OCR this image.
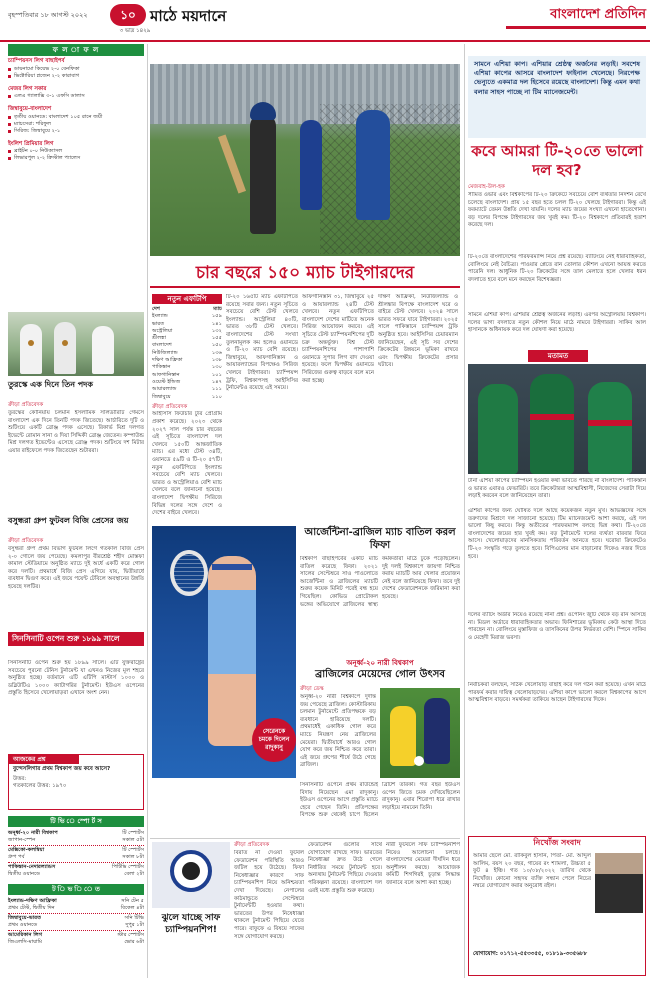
বৃহস্পতিবার ১৮ আগস্ট ২০২২	১০ মাঠে ময়দানে
৩ ভাদ্র ১৪২৯
বাংলাদেশ প্রতিদিন
ফ ল া ফ ল
চ্যাম্পিয়নস লিগ বাছাইপর্ব
ডায়নামো কিয়েভ ২-০ বেনফিকা
ভিক্টোরিয়া প্লজেন ২-২ কারাবাগ
মেজর লিগ সকার
এলএ গ্যালাক্সি ৩-১ এফসি ডালাস
জিম্বাবুয়ে-বাংলাদেশ
তৃতীয় ওয়ানডে: বাংলাদেশ ১০৫ রানে জয়ী
ম্যাচসেরা: শরিফুল
সিরিজ: জিম্বাবুয়ে ২-১
ইংলিশ প্রিমিয়ার লিগ
ব্রাইটন ০-০ নিউক্যাসল
লিভারপুল ২-২ ক্রিস্টাল প্যালেস
তুরস্কে এক দিনে তিন পদক
ক্রীড়া প্রতিবেদক
তুরস্কের কোনিয়ায় চলমান ইসলামিক সলিডারিটি গেমসে বাংলাদেশ এক দিনে তিনটি পদক জিতেছে। আর্চারিতে দুটি ও শুটিংয়ে একটি ব্রোঞ্জ পদক এসেছে। রিকার্ভ মিশ্র দলগত ইভেন্টে রোমান সানা ও দিয়া সিদ্দিকী ব্রোঞ্জ জেতেন। কম্পাউন্ড মিশ্র দলগত ইভেন্টেও এসেছে ব্রোঞ্জ পদক। শুটিংয়ে দশ মিটার এয়ার রাইফেলে পদক জিতেছেন শুটাররা।
বসুন্ধরা গ্রুপ ফুটবল বিজি প্রেসের জয়
ক্রীড়া প্রতিবেদক
বসুন্ধরা গ্রুপ প্রথম বিভাগ ফুটবল লিগে গতকাল বিজি প্রেস ২-০ গোলে জয় পেয়েছে। কমলাপুর বীরশ্রেষ্ঠ শহীদ মোস্তফা কামাল স্টেডিয়ামে অনুষ্ঠিত ম্যাচে দুই অর্ধে একটি করে গোল করে দলটি। প্রথমার্ধে বিজি প্রেস এগিয়ে যায়, দ্বিতীয়ার্ধে ব্যবধান দ্বিগুণ করে। এই জয়ে পয়েন্ট টেবিলে অবস্থানের উন্নতি হয়েছে দলটির।
সিনসিনাটি ওপেন শুরু ১৮৯৯ সালে
সিনসিনাটি ওপেন শুরু হয় ১৮৯৯ সালে। এটি যুক্তরাষ্ট্রের সবচেয়ে পুরনো টেনিস টুর্নামেন্ট যা এখনও নিজের মূল শহরে অনুষ্ঠিত হচ্ছে। বর্তমানে এটি এটিপি মাস্টার্স ১০০০ ও ডব্লিউটিএ ১০০০ ক্যাটাগরির টুর্নামেন্ট। ইউএস ওপেনের প্রস্তুতি হিসেবে খেলোয়াড়রা এখানে অংশ নেন।
আজকের প্রশ্ন
বুন্দেসলিগার প্রথম বিশ্বকাপ জয় কবে আসে?
উত্তর:
গতকালের উত্তর: ১৯৭০
টি ভি ে স্পো র্ট স
অনূর্ধ্ব-২০ নারী বিশ্বকাপ
জাপান-স্পেন
টি স্পোর্টস
সকাল ৫টা
মেক্সিকো-কলম্বিয়া
গ্রুপ পর্ব
টি স্পোর্টস
সকাল ৮টা
পাকিস্তান-নেদারল্যান্ডস
দ্বিতীয় ওয়ানডে
পিটিভি স্পোর্টস
বেলা ২টা
ট ি ভ ি ে ত
ইংল্যান্ড-দক্ষিণ আফ্রিকা
প্রথম টেস্ট, দ্বিতীয় দিন
সনি টেন ৫
বিকেল ৪টা
জিম্বাবুয়ে-ভারত
প্রথম ওয়ানডে
সনি টিভি
দুপুর ১টা
আমেরিকান লিগ
জিএলসি-মায়ামি
স্টার স্পোর্টস
ভোর ৬টা
চার বছরে ১৫০ ম্যাচ টাইগারদের
নতুন এফটিপি
দেশ	ম্যাচ
ইংল্যান্ড	১৫৯
ভারত	১৪১
অস্ট্রেলিয়া	১৩২
শ্রীলঙ্কা	১৫৫
বাংলাদেশ	১৫০
নিউজিল্যান্ড	১৩৬
দক্ষিণ আফ্রিকা	১৩৮
পাকিস্তান	১৩০
আফগানিস্তান	১০১
ওয়েস্ট ইন্ডিজ	১৪৭
আয়ারল্যান্ড	১১১
জিম্বাবুয়ে	১১০
ক্রীড়া প্রতিবেদক
আইসিসি ফিউচার ট্যুর প্রোগ্রাম প্রকাশ করেছে। ২০২৩ থেকে ২০২৭ সাল পর্যন্ত চার বছরের এই সূচিতে বাংলাদেশ দল খেলবে ১৫০টি আন্তর্জাতিক ম্যাচ। এর মধ্যে টেস্ট ৩৪টি, ওয়ানডে ৫৯টি ও টি-২০ ৫৭টি। নতুন এফটিপিতে ইংল্যান্ড সবচেয়ে বেশি ম্যাচ খেলবে। ভারত ও অস্ট্রেলিয়াও বেশি ম্যাচ খেলবে বলে জানানো হয়েছে। বাংলাদেশ দ্বিপক্ষীয় সিরিজে বিভিন্ন দলের সঙ্গে দেশে ও দেশের বাইরে খেলবে।
টি-২০ ১৬৫টি ম্যাচ এফটিপিতে রয়েছে সবার জন্য। নতুন সূচিতে সবচেয়ে বেশি টেস্ট খেলবে ইংল্যান্ড। অস্ট্রেলিয়া ৪০টি, ভারত ৩৮টি টেস্ট খেলবে। বাংলাদেশের টেস্ট সংখ্যা তুলনামূলক কম হলেও ওয়ানডে ও টি-২০ ম্যাচ বেশি রয়েছে। জিম্বাবুয়ে, আফগানিস্তান ও আয়ারল্যান্ডের বিপক্ষেও সিরিজ খেলবে টাইগাররা। চ্যাম্পিয়ন্স ট্রফি, বিশ্বকাপসহ আইসিসির টুর্নামেন্টও রয়েছে এই সময়ে।
আফগানিস্তান ৩১, জিম্বাবুয়ে ২৫ ও আয়ারল্যান্ড ২৪টি টেস্ট খেলবে। নতুন এফটিপিতে বাংলাদেশ দেশের মাটিতে অনেক সিরিজ আয়োজন করবে। এই সূচিতে টেস্ট চ্যাম্পিয়নশিপের দুটি চক্র অন্তর্ভুক্ত। বিশ্ব টেস্ট চ্যাম্পিয়নশিপের পাশাপাশি ওয়ানডে সুপার লিগ বাদ দেওয়া হয়েছে। ফলে দ্বিপক্ষীয় ওয়ানডে সিরিজের গুরুত্ব বাড়বে বলে মনে করা হচ্ছে।
দক্ষিণ আফ্রিকা, নিউজিল্যান্ড ও শ্রীলঙ্কার বিপক্ষে বাংলাদেশ ঘরে ও বাইরে টেস্ট খেলবে। ২০২৪ সালে ভারত সফরে যাবে টাইগাররা। ২০২৫ সালে পাকিস্তানে চ্যাম্পিয়ন্স ট্রফি অনুষ্ঠিত হবে। আইসিসির চেয়ারম্যান জানিয়েছেন, এই সূচি সব দেশের ক্রিকেটের উন্নয়নে ভূমিকা রাখবে এবং দ্বিপক্ষীয় ক্রিকেটের প্রসার ঘটাবে।
আর্জেন্টিনা-ব্রাজিল ম্যাচ বাতিল করল ফিফা
বিশ্বকাপ বাছাইপর্বের একটি ম্যাচ বাতিল করেছে ফিফা। ২০২১ সালের সেপ্টেম্বরে সাও পাওলোতে আর্জেন্টিনা ও ব্রাজিলের ম্যাচটি শুরুর কয়েক মিনিট পরেই বন্ধ হয়ে গিয়েছিল। কোভিড প্রোটোকল ভঙ্গের অভিযোগে ব্রাজিলের স্বাস্থ্য কর্মকর্তারা মাঠে ঢুকে পড়েছিলেন। দুই দলই বিশ্বকাপে জায়গা নিশ্চিত করায় ম্যাচটি আর খেলার প্রয়োজন নেই বলে জানিয়েছে ফিফা। তবে দুই দেশের ফেডারেশনকে জরিমানা করা হয়েছে।
সেরেনকে চমকে দিলেন রাদুকানু
অনূর্ধ্ব-২০ নারী বিশ্বকাপ
ব্রাজিলের মেয়েদের গোল উৎসব
ক্রীড়া ডেস্ক
অনূর্ধ্ব-২০ নারী বিশ্বকাপে দুর্দান্ত জয় পেয়েছে ব্রাজিল। কোস্টারিকায় চলমান টুর্নামেন্টে প্রতিপক্ষকে বড় ব্যবধানে হারিয়েছে দলটি। প্রথমার্ধেই একাধিক গোল করে ম্যাচে নিয়ন্ত্রণ নেয় ব্রাজিলের মেয়েরা। দ্বিতীয়ার্ধে আরও গোল যোগ করে জয় নিশ্চিত করে তারা। এই জয়ে গ্রুপের শীর্ষে উঠে গেছে ব্রাজিল।
সিনসিনাটি ওপেনে প্রথম রাউন্ডেই বিদায় নিয়েছেন এমা রাদুকানু। ইউএস ওপেনের আগে প্রস্তুতি ম্যাচে হেরে গেছেন তিনি। প্রতিপক্ষের বিপক্ষে শুরু থেকেই চাপে ছিলেন ব্রিটিশ তারকা। গত বছর ইউএস ওপেন জিতে চমক দেখিয়েছিলেন রাদুকানু। এবার শিরোপা ধরে রাখার লড়াইয়ে নামবেন তিনি।
ঝুলে যাচ্ছে সাফ চ্যাম্পিয়নশিপ!
ক্রীড়া প্রতিবেদক
বিরতি না দেওয়া ফুটবল ফেডারেশন পরিস্থিতি আরও জটিল হয়ে উঠেছে। ফিফা নিষেধাজ্ঞার কারণে সাফ চ্যাম্পিয়নশিপ নিয়ে অনিশ্চয়তা দেখা দিয়েছে। নেপালের কাঠমান্ডুতে সেপ্টেম্বরে টুর্নামেন্টটি হওয়ার কথা। ভারতের উপর নিষেধাজ্ঞা থাকলে টুর্নামেন্ট পিছিয়ে যেতে পারে। বাফুফে এ বিষয়ে সাফের সঙ্গে যোগাযোগ করছে।
ফেডারেশন গুলোর সাথে যোগাযোগ রাখছে সাফ। ভারতের নিষেধাজ্ঞা দ্রুত উঠে গেলে নির্ধারিত সময়ে টুর্নামেন্ট হবে। অন্যথায় টুর্নামেন্ট পিছিয়ে দেওয়ার পরিকল্পনা রয়েছে। বাংলাদেশ দল এরই মধ্যে প্রস্তুতি শুরু করেছে।
নারী ফুটবলে সাফ চ্যাম্পিয়নশিপ নিয়েও আলোচনা চলছে। বাংলাদেশের মেয়েরা দীর্ঘদিন ধরে অনুশীলন করছে। আয়োজক কমিটি শিগগিরই চূড়ান্ত সিদ্ধান্ত জানাবে বলে আশা করা হচ্ছে।
সামনে এশিয়া কাপ। এশিয়ার শ্রেষ্ঠত্ব অর্জনের লড়াই। সবশেষ এশিয়া কাপের আসরে বাংলাদেশ ফাইনাল খেলেছে। নিরপেক্ষ ভেন্যুতে একমাত্র দল হিসেবে রয়েছে বাংলাদেশ। কিন্তু এমন কথা বলার সাহস পাচ্ছে না টিম ম্যানেজমেন্ট।
কবে আমরা টি-২০তে ভালো দল হব?
মেজবাহ-উল-হক
সীমিত ওভার এবং বিশ্বকাপের টি-২০ ক্রিকেটে সবচেয়ে বেশি ব্যর্থতার নিদর্শন রেখে চলেছে বাংলাদেশ। প্রায় ১৫ বছর হতে চলল টি-২০ খেলছে টাইগাররা। কিন্তু এই ফরম্যাটে তেমন উন্নতি দেখা যায়নি। দলের ম্যাচ জয়ের সংখ্যা এখনো হাতেগোনা। বড় দলের বিপক্ষে টাইগারদের জয় খুবই কম। টি-২০ বিশ্বকাপে প্রতিবারই হতাশ করেছে দল।
টি-২০তে বাংলাদেশের পারফরম্যান্স নিয়ে প্রশ্ন রয়েছে। ব্যাটিংয়ে নেই ধারাবাহিকতা, বোলিংয়ে নেই বৈচিত্র্য। পাওয়ার প্লেতে রান তোলার কৌশল এখনো আয়ত্ত করতে পারেনি দল। আধুনিক টি-২০ ক্রিকেটের সঙ্গে তাল মেলাতে হলে খেলার ধরন বদলাতে হবে বলে মনে করছেন বিশেষজ্ঞরা।
সামনে এশিয়া কাপ। এশিয়ার শ্রেষ্ঠত্ব অর্জনের লড়াই। এরপর অস্ট্রেলিয়ায় বিশ্বকাপ। দলের ভাগ্য বদলাতে নতুন কৌশল নিয়ে মাঠে নামবে টাইগাররা। সাকিব আল হাসানকে অধিনায়ক করে দল ঘোষণা করা হয়েছে।
মতামত
টানা এশিয়া কাপের চ্যাম্পিয়ন হওয়ার কথা ভাবতে পারছে না বাংলাদেশ। পাকিস্তান ও ভারত এবারও ফেভারিট। তবে ক্রিকেটাররা আত্মবিশ্বাসী, নিজেদের সেরাটা দিয়ে লড়াই করবেন বলে জানিয়েছেন তারা।
এশিয়া কাপের জন্য ঘোষিত দলে আছে কয়েকজন নতুন মুখ। অভিজ্ঞদের সঙ্গে তরুণদের মিশ্রণে দল সাজানো হয়েছে। টিম ম্যানেজমেন্ট আশা করছে, এই দল ভালো কিছু করবে। কিন্তু অতীতের পারফরম্যান্স বলছে ভিন্ন কথা। টি-২০তে বাংলাদেশের জয়ের হার খুবই কম। বড় টুর্নামেন্টে দলের ব্যর্থতা বারবার ফিরে আসে। খেলোয়াড়দের মানসিকতায় পরিবর্তন আনতে হবে। ঘরোয়া ক্রিকেটেও টি-২০ সংস্কৃতি গড়ে তুলতে হবে। বিপিএলের মান বাড়ানোর দিকেও নজর দিতে হবে।
দলের ব্যাটিং অর্ডার নিয়েও রয়েছে নানা প্রশ্ন। ওপেনিং জুটি থেকে বড় রান আসছে না। মিডল অর্ডারে ধারাবাহিকতার অভাব। ফিনিশারের ভূমিকায় কেউ আস্থা দিতে পারছেন না। বোলিংয়ে মুস্তাফিজ ও তাসকিনের উপর নির্ভরতা বেশি। স্পিনে সাকিব ও মেহেদী মিরাজ ভরসা।
নির্বাচকরা বলছেন, সঠিক খেলোয়াড় বাছাই করে দল গঠন করা হয়েছে। এখন মাঠে পারফর্ম করার দায়িত্ব খেলোয়াড়দের। এশিয়া কাপে ভালো করলে বিশ্বকাপের আগে আত্মবিশ্বাস বাড়বে। সমর্থকরা তাকিয়ে আছেন টাইগারদের দিকে।
নিখোঁজ সংবাদ
আমার ছেলে মো. রাকিবুল হাসান, পিতা- মো. আব্দুল আলিম, বয়স ২০ বছর, গায়ের রং শ্যামলা, উচ্চতা ৫ ফুট ৪ ইঞ্চি। গত ১০/০৮/২০২২ তারিখ থেকে নিখোঁজ। কোনো সহৃদয় ব্যক্তি সন্ধান পেলে নিচের নম্বরে যোগাযোগ করার অনুরোধ রইল।
যোগাযোগ: ০১৭১২-৫৫৩৩৫৫, ০১৮১৯-৩৩৫৬৮৮
